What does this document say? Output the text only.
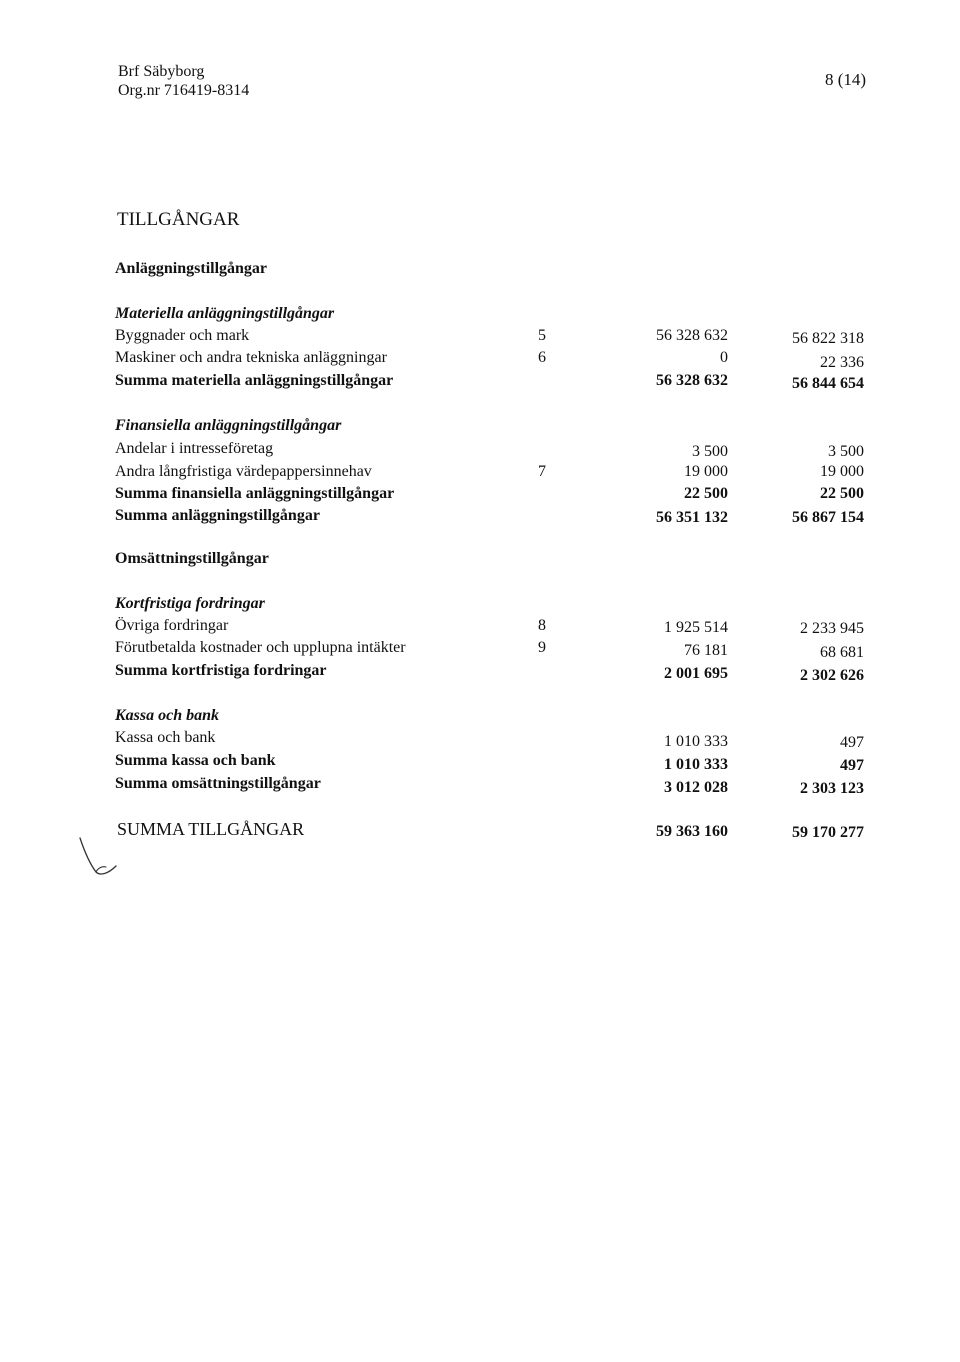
Brf Säbyborg
Org.nr 716419-8314
8 (14)
TILLGÅNGAR
Anläggningstillgångar
Materiella anläggningstillgångar
Byggnader och mark	5	56 328 632	56 822 318
Maskiner och andra tekniska anläggningar	6	0	22 336
Summa materiella anläggningstillgångar	56 328 632	56 844 654
Finansiella anläggningstillgångar
Andelar i intresseföretag	3 500	3 500
Andra långfristiga värdepappersinnehav	7	19 000	19 000
Summa finansiella anläggningstillgångar	22 500	22 500
Summa anläggningstillgångar	56 351 132	56 867 154
Omsättningstillgångar
Kortfristiga fordringar
Övriga fordringar	8	1 925 514	2 233 945
Förutbetalda kostnader och upplupna intäkter	9	76 181	68 681
Summa kortfristiga fordringar	2 001 695	2 302 626
Kassa och bank
Kassa och bank	1 010 333	497
Summa kassa och bank	1 010 333	497
Summa omsättningstillgångar	3 012 028	2 303 123
SUMMA TILLGÅNGAR	59 363 160	59 170 277
